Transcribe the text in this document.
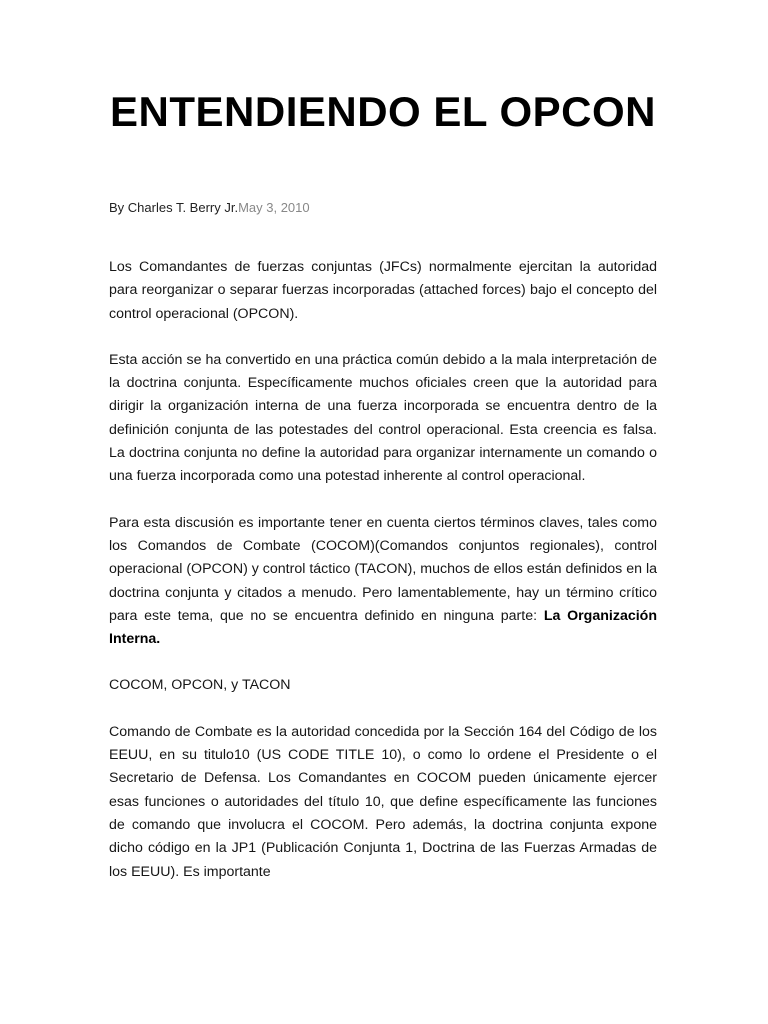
ENTENDIENDO EL OPCON
By Charles T. Berry Jr.May 3, 2010

Los Comandantes de fuerzas conjuntas (JFCs) normalmente ejercitan la autoridad para reorganizar o separar fuerzas incorporadas (attached forces) bajo el concepto del control operacional (OPCON).

Esta acción se ha convertido en una práctica común debido a la mala interpretación de la doctrina conjunta. Específicamente muchos oficiales creen que la autoridad para dirigir la organización interna de una fuerza incorporada se encuentra dentro de la definición conjunta de las potestades del control operacional. Esta creencia es falsa. La doctrina conjunta no define la autoridad para organizar internamente un comando o una fuerza incorporada como una potestad inherente al control operacional.

Para esta discusión es importante tener en cuenta ciertos términos claves, tales como los Comandos de Combate (COCOM)(Comandos conjuntos regionales), control operacional (OPCON) y control táctico (TACON), muchos de ellos están definidos en la doctrina conjunta y citados a menudo. Pero lamentablemente, hay un término crítico para este tema, que no se encuentra definido en ninguna parte: La Organización Interna.

COCOM, OPCON, y TACON

Comando de Combate es la autoridad concedida por la Sección 164 del Código de los EEUU, en su titulo10 (US CODE TITLE 10), o como lo ordene el Presidente o el Secretario de Defensa. Los Comandantes en COCOM pueden únicamente ejercer esas funciones o autoridades del título 10, que define específicamente las funciones de comando que involucra el COCOM. Pero además, la doctrina conjunta expone dicho código en la JP1 (Publicación Conjunta 1, Doctrina de las Fuerzas Armadas de los EEUU). Es importante
